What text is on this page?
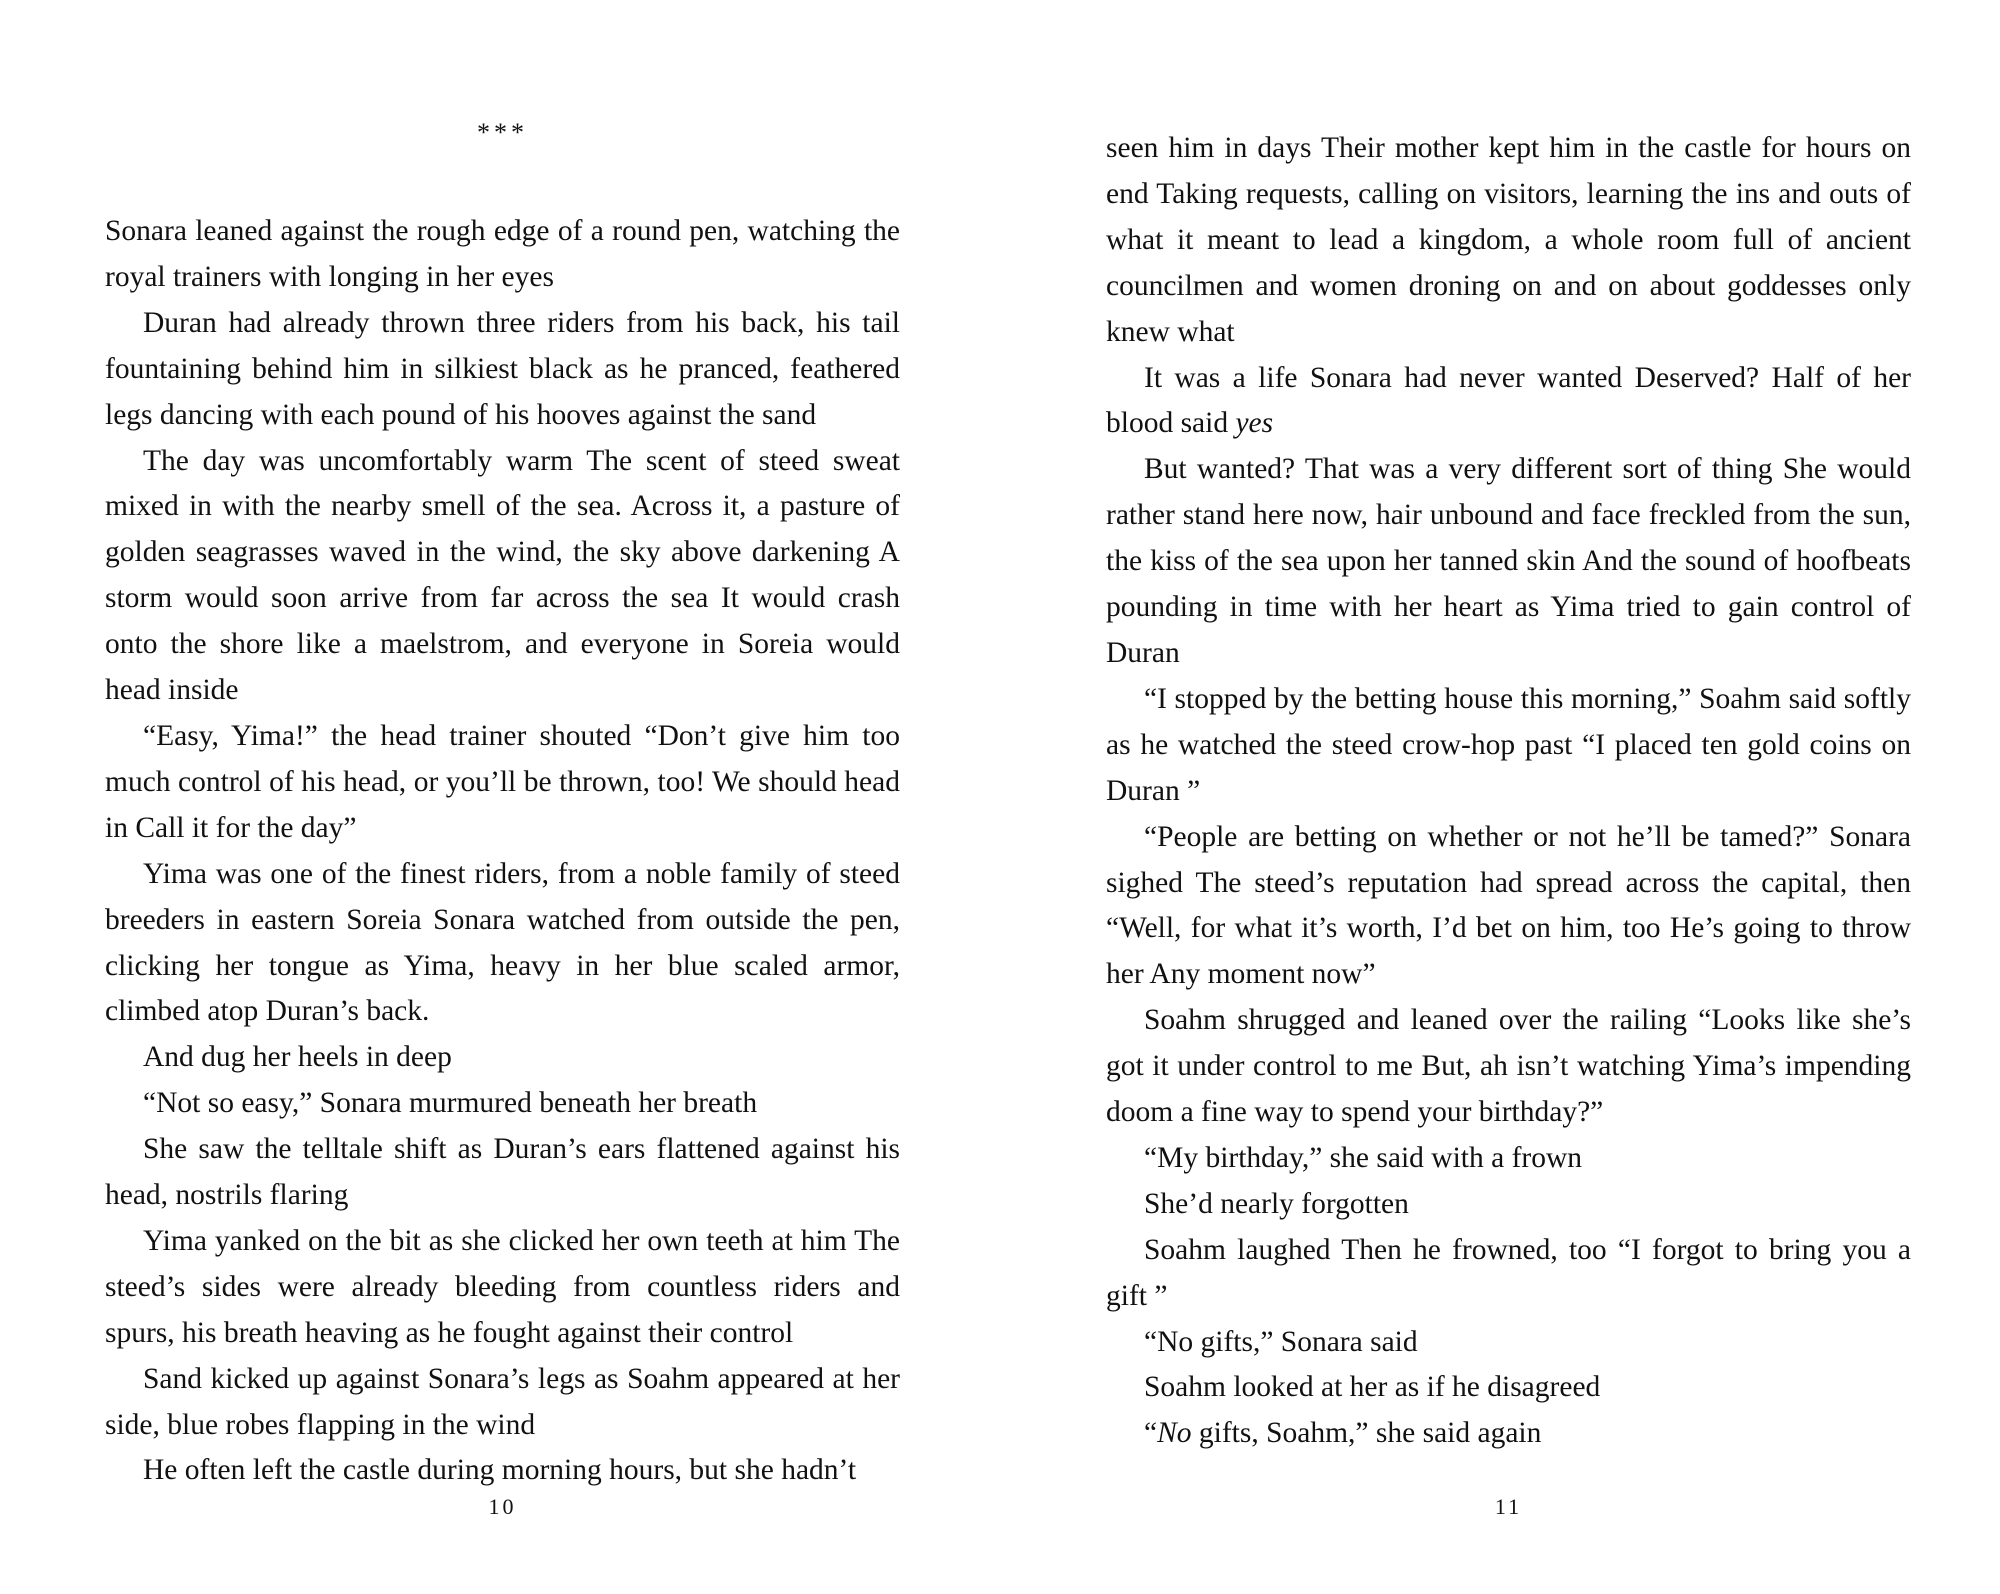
***

Sonara leaned against the rough edge of a round pen, watching the royal trainers with longing in her eyes

Duran had already thrown three riders from his back, his tail fountaining behind him in silkiest black as he pranced, feathered legs dancing with each pound of his hooves against the sand

The day was uncomfortably warm The scent of steed sweat mixed in with the nearby smell of the sea. Across it, a pasture of golden seagrasses waved in the wind, the sky above darkening A storm would soon arrive from far across the sea It would crash onto the shore like a maelstrom, and everyone in Soreia would head inside

“Easy, Yima!” the head trainer shouted “Don’t give him too much control of his head, or you’ll be thrown, too! We should head in Call it for the day”

Yima was one of the finest riders, from a noble family of steed breeders in eastern Soreia Sonara watched from outside the pen, clicking her tongue as Yima, heavy in her blue scaled armor, climbed atop Duran’s back.

And dug her heels in deep

“Not so easy,” Sonara murmured beneath her breath

She saw the telltale shift as Duran’s ears flattened against his head, nostrils flaring

Yima yanked on the bit as she clicked her own teeth at him The steed’s sides were already bleeding from countless riders and spurs, his breath heaving as he fought against their control

Sand kicked up against Sonara’s legs as Soahm appeared at her side, blue robes flapping in the wind

He often left the castle during morning hours, but she hadn’t

10

seen him in days Their mother kept him in the castle for hours on end Taking requests, calling on visitors, learning the ins and outs of what it meant to lead a kingdom, a whole room full of ancient councilmen and women droning on and on about goddesses only knew what

It was a life Sonara had never wanted Deserved? Half of her blood said yes

But wanted? That was a very different sort of thing She would rather stand here now, hair unbound and face freckled from the sun, the kiss of the sea upon her tanned skin And the sound of hoofbeats pounding in time with her heart as Yima tried to gain control of Duran

“I stopped by the betting house this morning,” Soahm said softly as he watched the steed crow-hop past “I placed ten gold coins on Duran ”

“People are betting on whether or not he’ll be tamed?” Sonara sighed The steed’s reputation had spread across the capital, then “Well, for what it’s worth, I’d bet on him, too He’s going to throw her Any moment now”

Soahm shrugged and leaned over the railing “Looks like she’s got it under control to me But, ah isn’t watching Yima’s impending doom a fine way to spend your birthday?”

“My birthday,” she said with a frown

She’d nearly forgotten

Soahm laughed Then he frowned, too “I forgot to bring you a gift ”

“No gifts,” Sonara said

Soahm looked at her as if he disagreed

“No gifts, Soahm,” she said again

11
